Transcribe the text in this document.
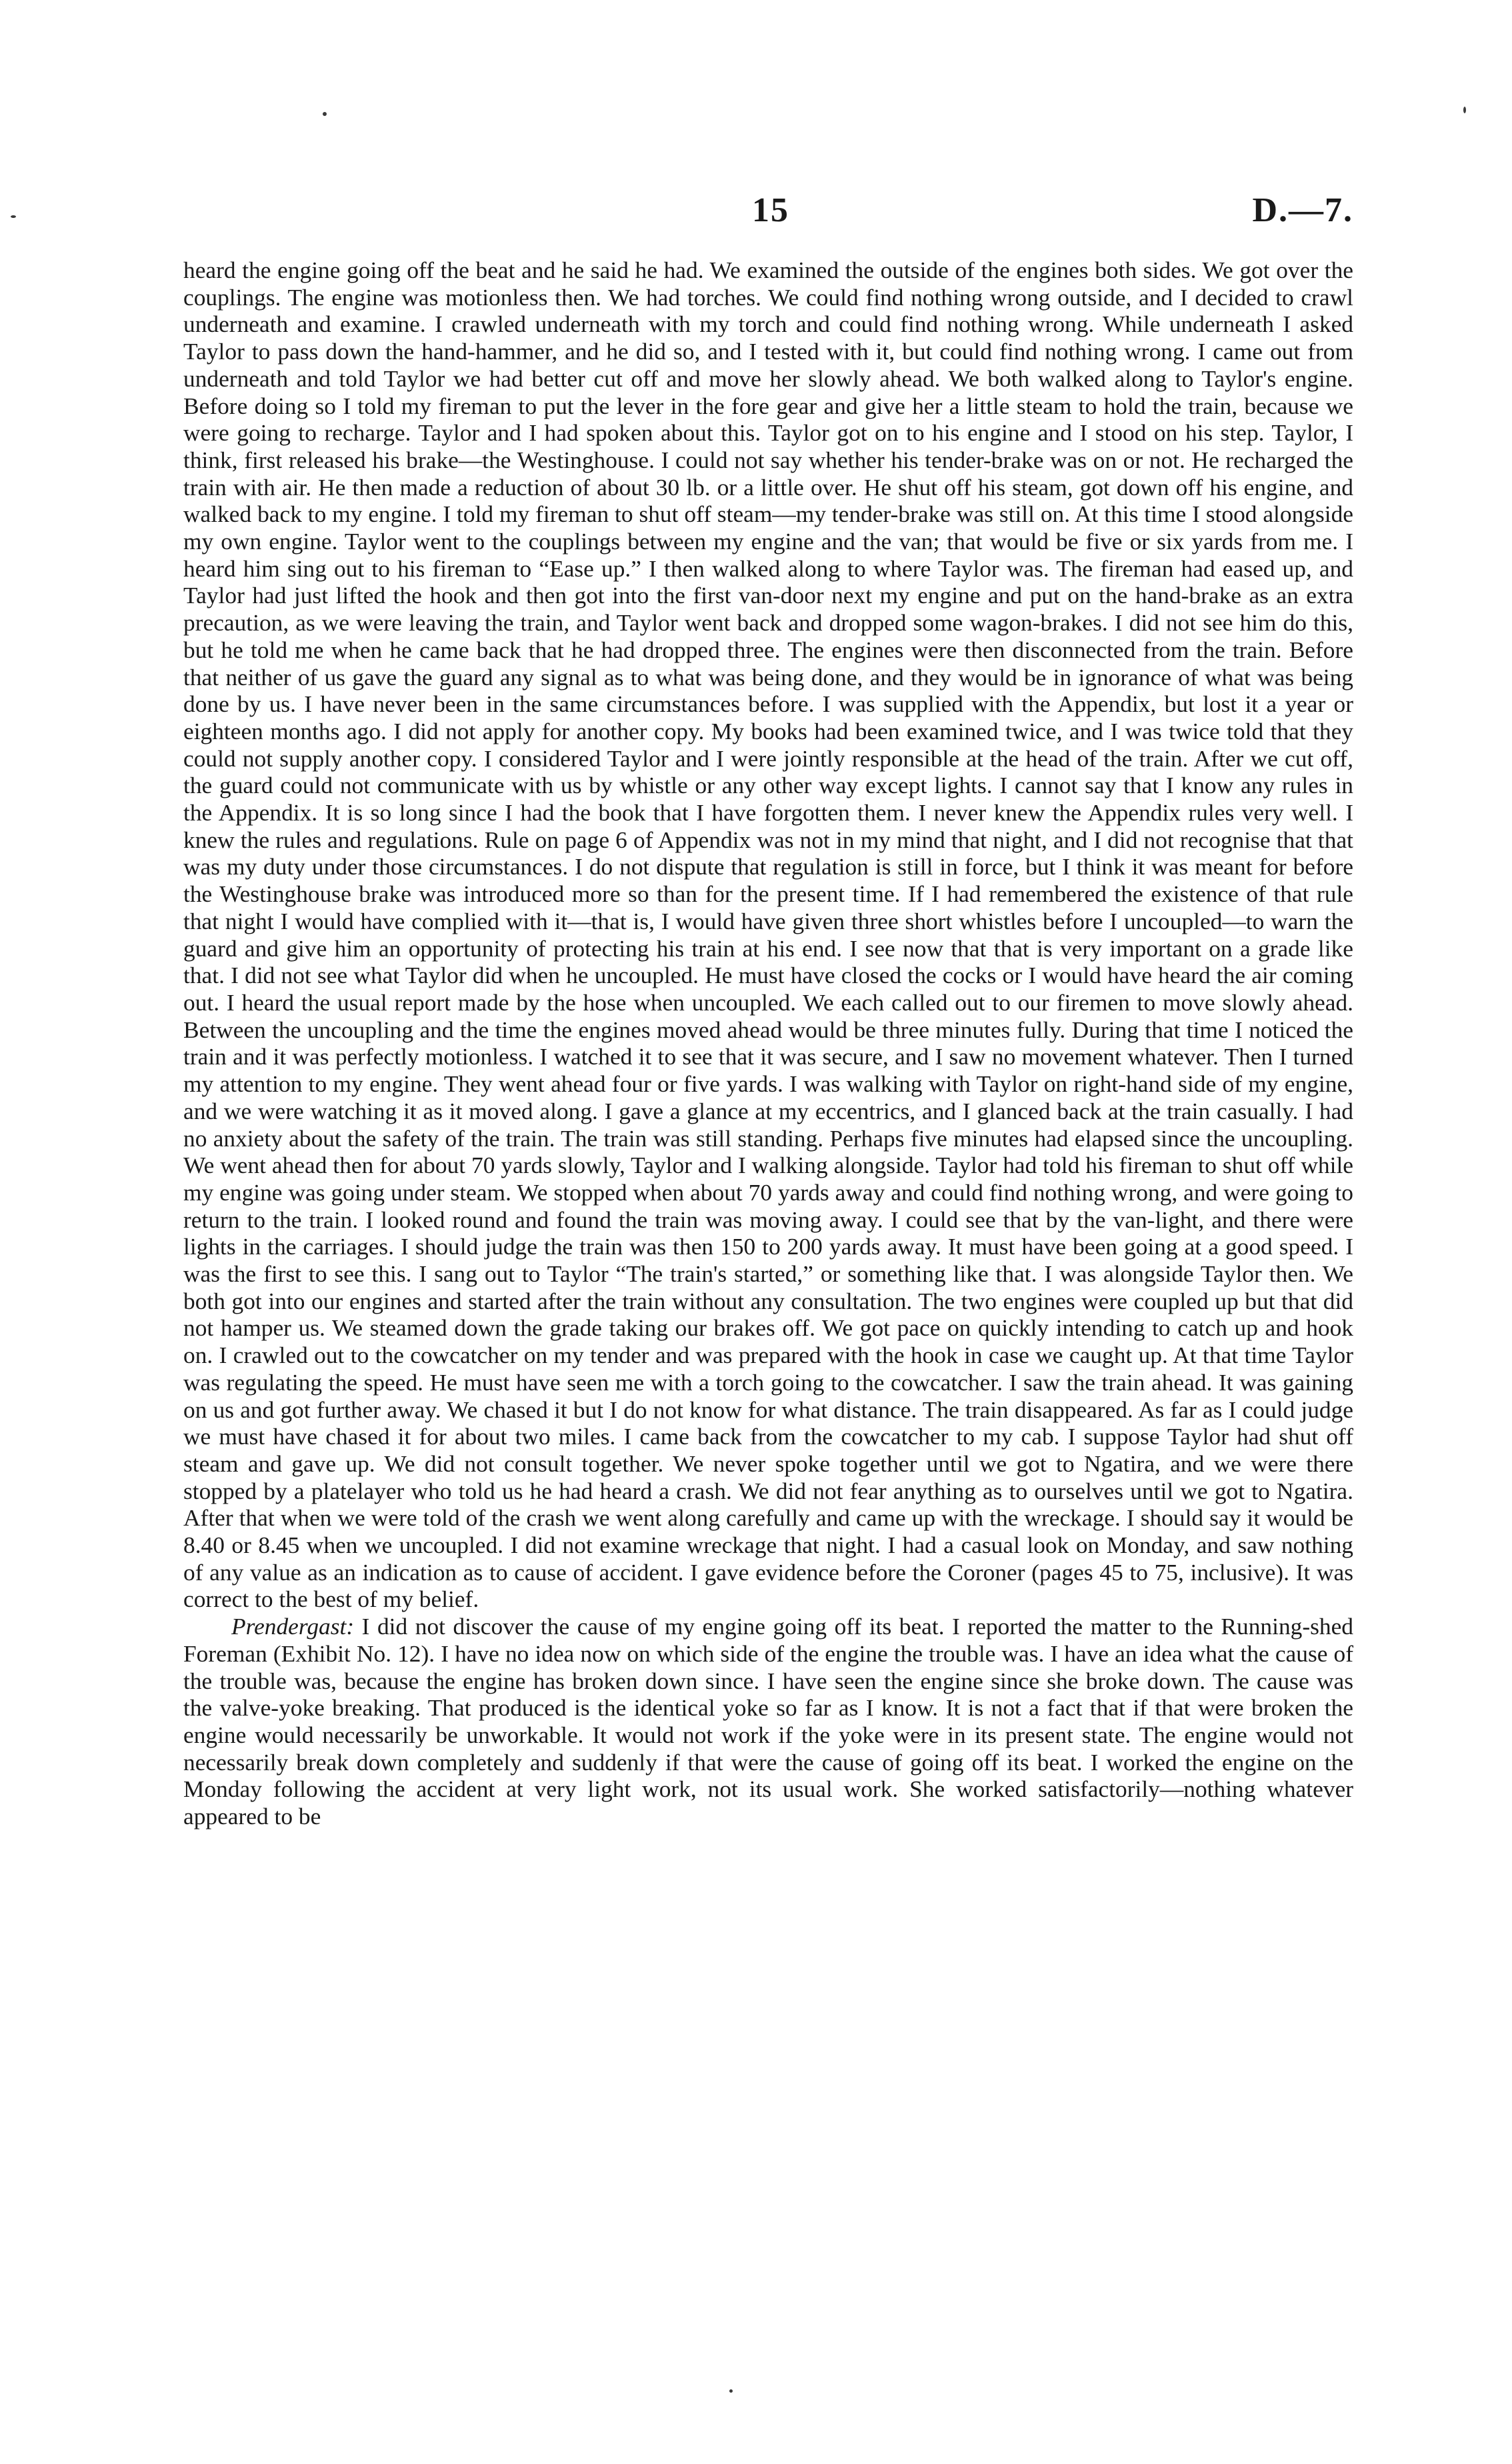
15	D.—7.

heard the engine going off the beat and he said he had. We examined the outside of the engines both sides. We got over the couplings. The engine was motionless then. We had torches. We could find nothing wrong outside, and I decided to crawl underneath and examine. I crawled underneath with my torch and could find nothing wrong. While underneath I asked Taylor to pass down the hand-hammer, and he did so, and I tested with it, but could find nothing wrong. I came out from underneath and told Taylor we had better cut off and move her slowly ahead. We both walked along to Taylor's engine. Before doing so I told my fireman to put the lever in the fore gear and give her a little steam to hold the train, because we were going to recharge. Taylor and I had spoken about this. Taylor got on to his engine and I stood on his step. Taylor, I think, first released his brake—the Westinghouse. I could not say whether his tender-brake was on or not. He recharged the train with air. He then made a reduction of about 30 lb. or a little over. He shut off his steam, got down off his engine, and walked back to my engine. I told my fireman to shut off steam—my tender-brake was still on. At this time I stood alongside my own engine. Taylor went to the couplings between my engine and the van; that would be five or six yards from me. I heard him sing out to his fireman to “Ease up.” I then walked along to where Taylor was. The fireman had eased up, and Taylor had just lifted the hook and then got into the first van-door next my engine and put on the hand-brake as an extra precaution, as we were leaving the train, and Taylor went back and dropped some wagon-brakes. I did not see him do this, but he told me when he came back that he had dropped three. The engines were then disconnected from the train. Before that neither of us gave the guard any signal as to what was being done, and they would be in ignorance of what was being done by us. I have never been in the same circumstances before. I was supplied with the Appendix, but lost it a year or eighteen months ago. I did not apply for another copy. My books had been examined twice, and I was twice told that they could not supply another copy. I considered Taylor and I were jointly responsible at the head of the train. After we cut off, the guard could not communicate with us by whistle or any other way except lights. I cannot say that I know any rules in the Appendix. It is so long since I had the book that I have forgotten them. I never knew the Appendix rules very well. I knew the rules and regulations. Rule on page 6 of Appendix was not in my mind that night, and I did not recognise that that was my duty under those circumstances. I do not dispute that regulation is still in force, but I think it was meant for before the Westinghouse brake was introduced more so than for the present time. If I had remembered the existence of that rule that night I would have complied with it—that is, I would have given three short whistles before I uncoupled—to warn the guard and give him an opportunity of protecting his train at his end. I see now that that is very important on a grade like that. I did not see what Taylor did when he uncoupled. He must have closed the cocks or I would have heard the air coming out. I heard the usual report made by the hose when uncoupled. We each called out to our firemen to move slowly ahead. Between the uncoupling and the time the engines moved ahead would be three minutes fully. During that time I noticed the train and it was perfectly motionless. I watched it to see that it was secure, and I saw no movement whatever. Then I turned my attention to my engine. They went ahead four or five yards. I was walking with Taylor on right-hand side of my engine, and we were watching it as it moved along. I gave a glance at my eccentrics, and I glanced back at the train casually. I had no anxiety about the safety of the train. The train was still standing. Perhaps five minutes had elapsed since the uncoupling. We went ahead then for about 70 yards slowly, Taylor and I walking alongside. Taylor had told his fireman to shut off while my engine was going under steam. We stopped when about 70 yards away and could find nothing wrong, and were going to return to the train. I looked round and found the train was moving away. I could see that by the van-light, and there were lights in the carriages. I should judge the train was then 150 to 200 yards away. It must have been going at a good speed. I was the first to see this. I sang out to Taylor “The train's started,” or something like that. I was alongside Taylor then. We both got into our engines and started after the train without any consultation. The two engines were coupled up but that did not hamper us. We steamed down the grade taking our brakes off. We got pace on quickly intending to catch up and hook on. I crawled out to the cowcatcher on my tender and was prepared with the hook in case we caught up. At that time Taylor was regulating the speed. He must have seen me with a torch going to the cowcatcher. I saw the train ahead. It was gaining on us and got further away. We chased it but I do not know for what distance. The train disappeared. As far as I could judge we must have chased it for about two miles. I came back from the cowcatcher to my cab. I suppose Taylor had shut off steam and gave up. We did not consult together. We never spoke together until we got to Ngatira, and we were there stopped by a platelayer who told us he had heard a crash. We did not fear anything as to ourselves until we got to Ngatira. After that when we were told of the crash we went along carefully and came up with the wreckage. I should say it would be 8.40 or 8.45 when we uncoupled. I did not examine wreckage that night. I had a casual look on Monday, and saw nothing of any value as an indication as to cause of accident. I gave evidence before the Coroner (pages 45 to 75, inclusive). It was correct to the best of my belief.

Prendergast: I did not discover the cause of my engine going off its beat. I reported the matter to the Running-shed Foreman (Exhibit No. 12). I have no idea now on which side of the engine the trouble was. I have an idea what the cause of the trouble was, because the engine has broken down since. I have seen the engine since she broke down. The cause was the valve-yoke breaking. That produced is the identical yoke so far as I know. It is not a fact that if that were broken the engine would necessarily be unworkable. It would not work if the yoke were in its present state. The engine would not necessarily break down completely and suddenly if that were the cause of going off its beat. I worked the engine on the Monday following the accident at very light work, not its usual work. She worked satisfactorily—nothing whatever appeared to be
